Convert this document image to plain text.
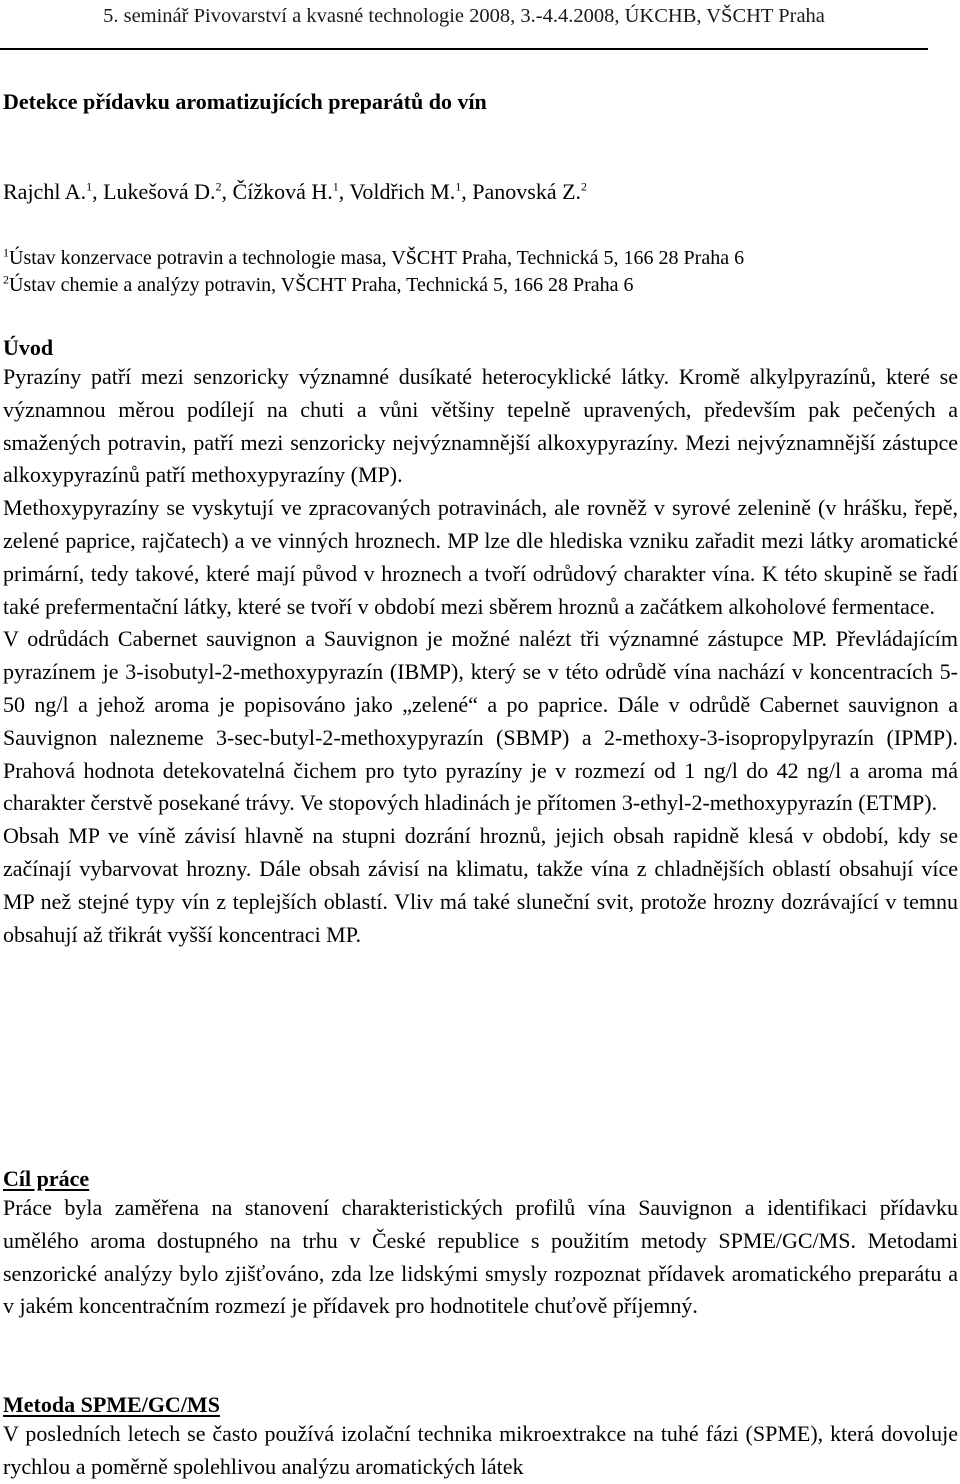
5. seminář Pivovarství a kvasné technologie 2008, 3.-4.4.2008, ÚKCHB, VŠCHT Praha
Detekce přídavku aromatizujících preparátů do vín
Rajchl A.$^1$, Lukešová D.$^2$, Čížková H.$^1$, Voldřich M.$^1$, Panovská Z.$^2$
$^1$Ústav konzervace potravin a technologie masa, VŠCHT Praha, Technická 5, 166 28 Praha 6
$^2$Ústav chemie a analýzy potravin, VŠCHT Praha, Technická 5, 166 28 Praha 6
Úvod

Pyrazíny patří mezi senzoricky významné dusíkaté heterocyklické látky. Kromě alkylpyrazínů, které se významnou měrou podílejí na chuti a vůni většiny tepelně upravených, především pak pečených a smažených potravin, patří mezi senzoricky nejvýznamnější alkoxypyrazíny. Mezi nejvýznamnější zástupce alkoxypyrazínů patří methoxypyrazíny (MP).

Methoxypyrazíny se vyskytují ve zpracovaných potravinách, ale rovněž v syrové zelenině (v hrášku, řepě, zelené paprice, rajčatech) a ve vinných hroznech. MP lze dle hlediska vzniku zařadit mezi látky aromatické primární, tedy takové, které mají původ v hroznech a tvoří odrůdový charakter vína. K této skupině se řadí také prefermentační látky, které se tvoří v období mezi sběrem hroznů a začátkem alkoholové fermentace.

V odrůdách Cabernet sauvignon a Sauvignon je možné nalézt tři významné zástupce MP. Převládajícím pyrazínem je 3-isobutyl-2-methoxypyrazín (IBMP), který se v této odrůdě vína nachází v koncentracích 5-50 ng/l a jehož aroma je popisováno jako „zelené“ a po paprice. Dále v odrůdě Cabernet sauvignon a Sauvignon nalezneme 3-sec-butyl-2-methoxypyrazín (SBMP) a 2-methoxy-3-isopropylpyrazín (IPMP). Prahová hodnota detekovatelná čichem pro tyto pyrazíny je v rozmezí od 1 ng/l do 42 ng/l a aroma má charakter čerstvě posekané trávy. Ve stopových hladinách je přítomen 3-ethyl-2-methoxypyrazín (ETMP).

Obsah MP ve víně závisí hlavně na stupni dozrání hroznů, jejich obsah rapidně klesá v období, kdy se začínají vybarvovat hrozny. Dále obsah závisí na klimatu, takže vína z chladnějších oblastí obsahují více MP než stejné typy vín z teplejších oblastí. Vliv má také sluneční svit, protože hrozny dozrávající v temnu obsahují až třikrát vyšší koncentraci MP.

Cíl práce

Práce byla zaměřena na stanovení charakteristických profilů vína Sauvignon a identifikaci přídavku umělého aroma dostupného na trhu v České republice s použitím metody SPME/GC/MS. Metodami senzorické analýzy bylo zjišťováno, zda lze lidskými smysly rozpoznat přídavek aromatického preparátu a v jakém koncentračním rozmezí je přídavek pro hodnotitele chuťově příjemný.

Metoda SPME/GC/MS

V posledních letech se často používá izolační technika mikroextrakce na tuhé fázi (SPME), která dovoluje rychlou a poměrně spolehlivou analýzu aromatických látek
